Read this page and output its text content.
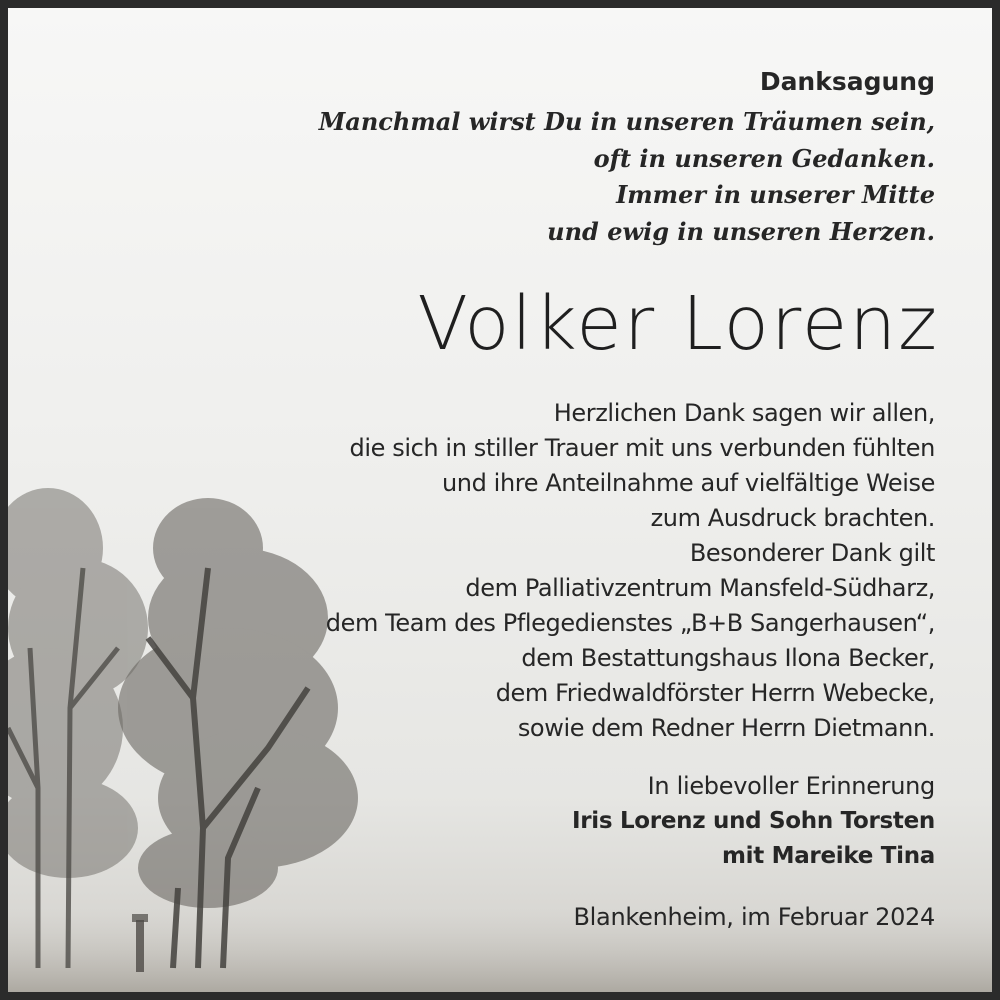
Danksagung
Manchmal wirst Du in unseren Träumen sein,
oft in unseren Gedanken.
Immer in unserer Mitte
und ewig in unseren Herzen.
Volker Lorenz
Herzlichen Dank sagen wir allen,
die sich in stiller Trauer mit uns verbunden fühlten
und ihre Anteilnahme auf vielfältige Weise
zum Ausdruck brachten.
Besonderer Dank gilt
dem Palliativzentrum Mansfeld-Südharz,
dem Team des Pflegedienstes „B+B Sangerhausen“,
dem Bestattungshaus Ilona Becker,
dem Friedwaldförster Herrn Webecke,
sowie dem Redner Herrn Dietmann.
In liebevoller Erinnerung
Iris Lorenz und Sohn Torsten
mit Mareike Tina
Blankenheim, im Februar 2024
